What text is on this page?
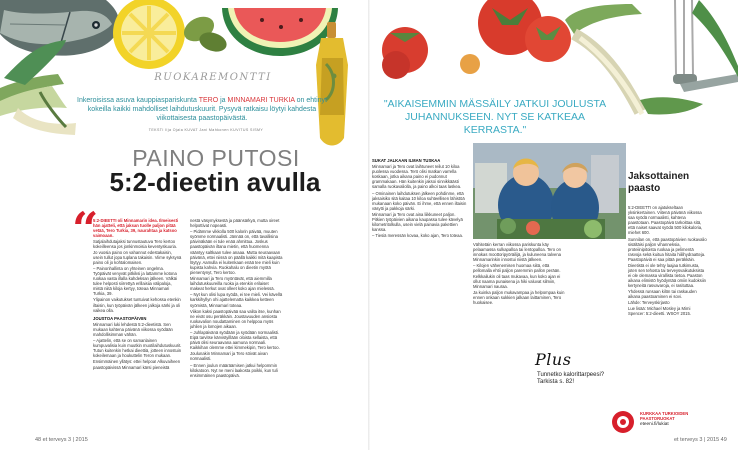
RUOKAREMONTTI
Inkeroisissa asuva kauppiaspariskunta TERO ja MINNAMARI TURKIA on ehtinyt kokeilla kaikki mahdolliset laihdutuskuurit. Pysyvä ratkaisu löytyi kahdesta viikottaisesta paastopäivästä.
TEKSTI Ilja Ojala KUVAT Jani Mahkonen KUVITUS SISMY
PAINO PUTOSI
5:2-dieetin avulla
“

5:2-DIEETTI oli Minnamarin idea. Ilmeisesti hän ajatteli, että jaksan tuolle paljon pitää vetää, Tero Turkia, 39, naurahtaa ja katsoo vaimoaan.

Satjalaihdutajaksi tunnustautuva Tero kertoo kokeilleensa jos jonkinmoisia keventyskuuria. Jo vuosia paino on vahannut edestakaisin, usein tullut jopa tuplana takaisin. Viime syksynä paino oli jo kohtalomaisen.

– Painonhallinta on yhteinen ongelma. Työpäivät venyvät pitkiksi ja lattamme kotona ruokaa vasta illalla kahdeksan jälkeen. Välkäi tulee helposti siirrettyä erillaisiia välipaloja, mistä niitä kilojа kertyy, toteaa Minnamari Turkia, 39.

Ylipainon vaikutukset tuntuivat kehossa etenkin iltaisin, kun työpäivän jälkeen jalkoja särki ja oli vaikea olla.

JOUSTOA PAASTOPÄIVIIN

Minnamari luki lehdestä 5:2-dieetistä. Sen mukaan kahtena päivänä viikossa syödään mahdollisimman vähän.

– Ajattelin, että se on samanlainen kumpuvalisia kuin muutkin muotilaihdutuskuurit. Tutun kuitenkin hetkai dieettiä, jotteen innostuin kokeilemaan ja houkuttelin Teron mukaan.

Ensimmäinen yllätys: ettei helpoa! Alkuvaiheen paastopäivissä Minnamari kärsi pieneistä

nestä väsymyksestä ja päänsärkyä, mutta oireet helpottivat nopeasti.

– Pidämme vikkolla 500 kalorin päivää, muuten syömme normaalisti. Jännää on, että tavallisina päivinäkään ei tule enää ahmittua. Joskus paastopäivän iltana mietin, että huomenna vääntyy saltkaan tulee anaaa. Mutta seuraavaan päivänä, ettei niissä on päällä kaikki mitä kaapista löytyy. Aamulla ei kuitenkaan enää tee mieli kuin kupista kahvia. Ruokahalu on dieetin myötä pienentynyt, Tero kertoo.

Minnamari ja Tero myöntävät, että aiemmilla laihdutuskuureilla ruoka ja etenkin erilaiset makeat herkut ovat olleet koko ajan mielessä.

– Nyt kun olisi lupa syödä, ei tee mieli. Vei kävellä karkkihyllyn ohi ajattelematta kaikkea ketteen syömistä, Minnamari toteaa.

Viikon kaksi paastopäivää saa valita itse, kunhan ne eivät osu peräkkäin. Joustavuuden ansiosta ruokavalion noudattaminen on helppoa myös juhlien ja lomojen aikaan.

– Juhlapäivänä syödään ja syödään normaalisti. Eipä tarvitse kärvistyillään oloista sellaista, että päivä olisi seuraavana aamuna normaali. Kaikkihan olemme ettei kimmekipin, Tero kertoo.

Joulunakin Minnamari ja Tero söivät aivan normaalisti.

– Ennen joulun määräämisen jatkui helpommin kilokatoon. Nyt ne meni laakosta poikki, kun tuli ensimmäinen paastopäivä.

"AIKAISEMMIN MÄSSÄILY JATKUI JOULUSTA JUHANNUKSEEN. NYT SE KATKEAA KERRASTA."

SUKAT JALKAAN ILMAN TUSKAA

Minnamari ja Tero ovat laihtuneet reilut 10 kiloa puolessa vuodessa. Terö olisi matkan varrella koskaan, jotka aikana paino ei pudonnut grammakaan. Hän kuitenkin jaksoi sinnikkäästi samalla ruokavaliolla, ja paino alkoi taas laskea.

– Ominainen laihdutuksen jälkeen pohdinme, että jaksaisiko sitä kaitaa 10 kiloa suhteellisen lähistöä mukanaan koko päivän. Ei ihme, että ennen iltaisin väsytti ja pakkoja särki.

Minnamari ja Tero ovat aina liikkuneet paljon. Pitkien työpäivien aikana kaupassa tulee kävelyä kilometritolkulla, usein vielä painavia pakettien kanssa.

– Tiesiä meressän kovaa, koko ajan, Tero toteaa.

Vähitetäin kerran viikossa pariskunta käy pelaamassa sulkapalloa tai lentopalloa. Tero on innokas moottoripyöräilijä, ja kuluneena talvena Minnamarinkin innostui niistä jälkeen.

– Kilojen vähenemisen huomaa siitä, että pellomalla ehtii paljon paremmin pallon perään. Kelkkailukin oli taas mukavaa, kun koko ajan ei ollut naama punaisena ja hiki valuvat silmiin, Minnamari nauraa.

Ja kuinka paljon mukavampaa ja helpompaa kuin ennen onkaan sukkien jalkaan laittaminen, Tero huokaisee.

Jaksottainen paasto

5:2-DIEETTI on ajatukseltaan yksinkertainen. Viitenä päivänä viikossa saa syödä normaalisti, kahtena paastotaan. Paastopäivä tarkoittaa sitä, että naiset saavat syödä 500 kilokaloria, miehet 600.

Sunnilan on, että paastopäivien ruokavalio sisältäisi paljon vihanneksia, proteiinipitoista ruokaa ja pelimentä rasvoja sekä kuitua hitaita hiilihydraatteja. Paastopäiviä ei saa pitää peräkkäin.

Dieetistä ei ole tehty laajaa tutkimusta, joten sen tehosta tai terveysvaikutuksista ei ole olemassa virallista tietoa. Paaston aikana elimistö hyödyntää omiin kudoksiin kertyneitä rasvavaroja, ei rasituttaa. Yhdessä runsaan kilön tai raskauden aikana paastoaminen ei sovi.

Lähde: Terveyskirjasto

Lue lisää: Michael Mosley ja Mimi Spencer: 5:2-dieetti. WSOY 2015.

Plus
Tunnetko kalorittarpeesi? Tarkista s. 82!
KURKKAA TURKIOIDEN PAASTORUOKAT
eteeni.fi/lukiat
48 et terveys 3 | 2015	et terveys 3 | 2015 49
